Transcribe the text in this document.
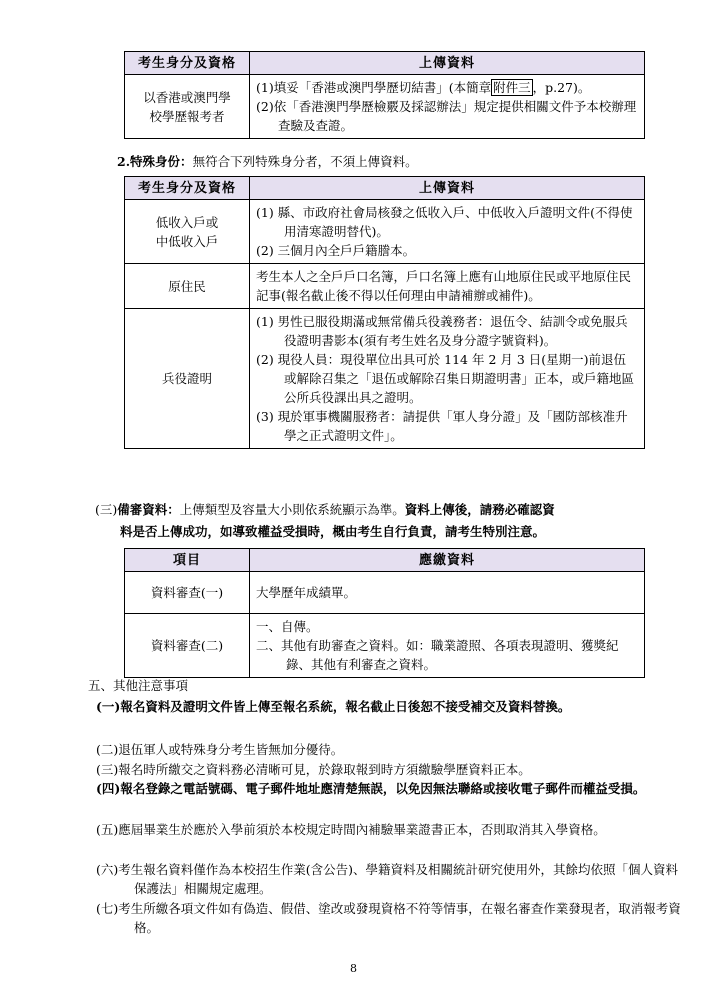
考生身分及資格	上傳資料
以香港或澳門學校學歷報考者	(1)填妥「香港或澳門學歷切結書」(本簡章 附件三 ，p.27)。
(2)依「香港澳門學歷檢覈及採認辦法」規定提供相關文件予本校辦理查驗及查證。
2.特殊身份：無符合下列特殊身分者，不須上傳資料。
考生身分及資格	上傳資料
低收入戶或中低收入戶	(1) 縣、市政府社會局核發之低收入戶、中低收入戶證明文件(不得使用清寒證明替代)。
(2) 三個月內全戶戶籍謄本。

原住民	考生本人之全戶戶口名簿，戶口名簿上應有山地原住民或平地原住民記事(報名截止後不得以任何理由申請補辦或補件)。

兵役證明	(1) 男性已服役期滿或無常備兵役義務者：退伍令、結訓令或免服兵役證明書影本(須有考生姓名及身分證字號資料)。
(2) 現役人員：現役單位出具可於 114 年 2 月 3 日(星期一)前退伍或解除召集之「退伍或解除召集日期證明書」正本，或戶籍地區公所兵役課出具之證明。
(3) 現於軍事機關服務者：請提供「軍人身分證」及「國防部核准升學之正式證明文件」。
(三)備審資料：上傳類型及容量大小則依系統顯示為準。資料上傳後，請務必確認資
料是否上傳成功，如導致權益受損時，概由考生自行負責，請考生特別注意。
項目	應繳資料
資料審查(一)	大學歷年成績單。

資料審查(二)	一、自傳。
二、其他有助審查之資料。如：職業證照、各項表現證明、獲獎紀錄、其他有利審查之資料。
五、其他注意事項
(一)報名資料及證明文件皆上傳至報名系統，報名截止日後恕不接受補交及資料替換。
(二)退伍軍人或特殊身分考生皆無加分優待。
(三)報名時所繳交之資料務必清晰可見，於錄取報到時方須繳驗學歷資料正本。
(四)報名登錄之電話號碼、電子郵件地址應清楚無誤，以免因無法聯絡或接收電子郵件而權益受損。
(五)應屆畢業生於應於入學前須於本校規定時間內補驗畢業證書正本，否則取消其入學資格。
(六)考生報名資料僅作為本校招生作業(含公告)、學籍資料及相關統計研究使用外，其餘均依照「個人資料保護法」相關規定處理。
(七)考生所繳各項文件如有偽造、假借、塗改或發現資格不符等情事，在報名審查作業發現者，取消報考資格。
8
